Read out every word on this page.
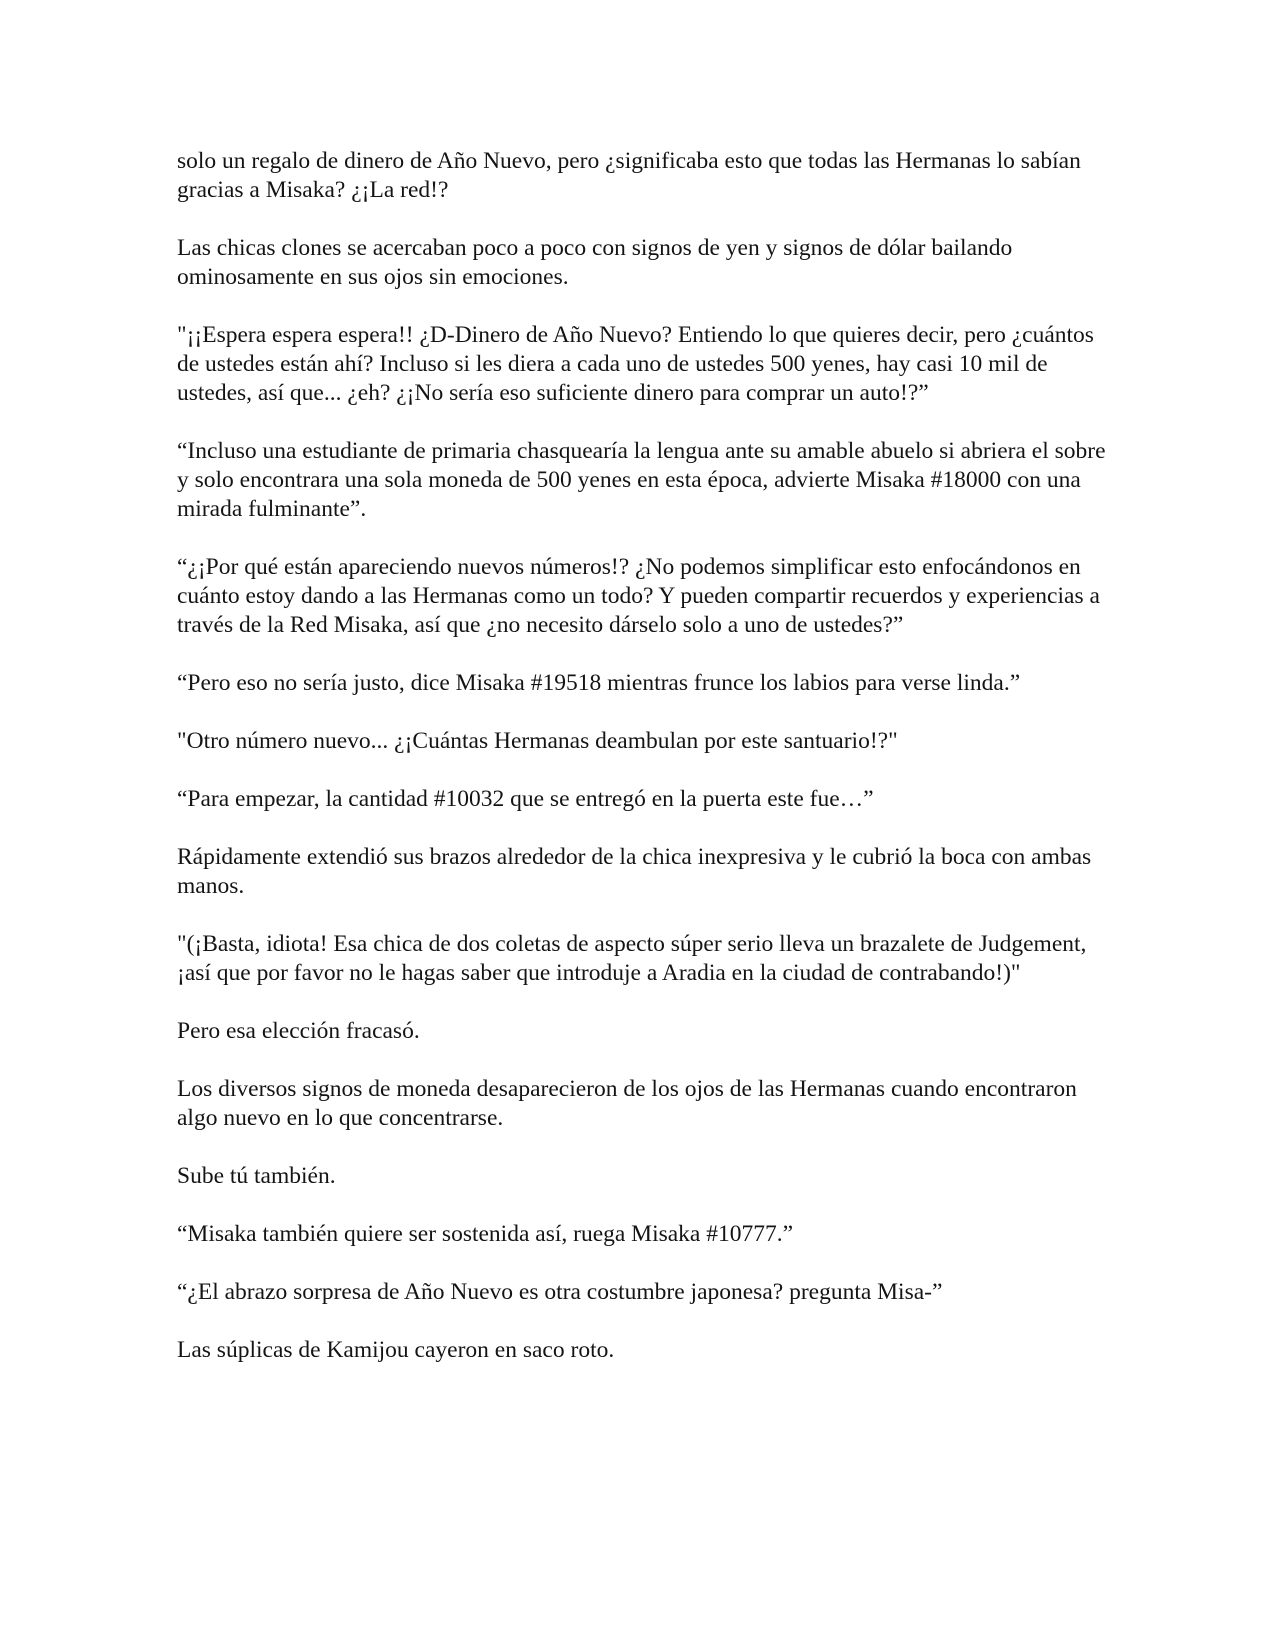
solo un regalo de dinero de Año Nuevo, pero ¿significaba esto que todas las Hermanas lo sabían gracias a Misaka? ¿¡La red!?

Las chicas clones se acercaban poco a poco con signos de yen y signos de dólar bailando ominosamente en sus ojos sin emociones.

"¡¡Espera espera espera!! ¿D-Dinero de Año Nuevo? Entiendo lo que quieres decir, pero ¿cuántos de ustedes están ahí? Incluso si les diera a cada uno de ustedes 500 yenes, hay casi 10 mil de ustedes, así que... ¿eh? ¿¡No sería eso suficiente dinero para comprar un auto!?”

“Incluso una estudiante de primaria chasquearía la lengua ante su amable abuelo si abriera el sobre y solo encontrara una sola moneda de 500 yenes en esta época, advierte Misaka #18000 con una mirada fulminante”.

“¿¡Por qué están apareciendo nuevos números!? ¿No podemos simplificar esto enfocándonos en cuánto estoy dando a las Hermanas como un todo? Y pueden compartir recuerdos y experiencias a través de la Red Misaka, así que ¿no necesito dárselo solo a uno de ustedes?”

“Pero eso no sería justo, dice Misaka #19518 mientras frunce los labios para verse linda.”

"Otro número nuevo... ¿¡Cuántas Hermanas deambulan por este santuario!?"

“Para empezar, la cantidad #10032 que se entregó en la puerta este fue…”

Rápidamente extendió sus brazos alrededor de la chica inexpresiva y le cubrió la boca con ambas manos.

"(¡Basta, idiota! Esa chica de dos coletas de aspecto súper serio lleva un brazalete de Judgement, ¡así que por favor no le hagas saber que introduje a Aradia en la ciudad de contrabando!)"

Pero esa elección fracasó.

Los diversos signos de moneda desaparecieron de los ojos de las Hermanas cuando encontraron algo nuevo en lo que concentrarse.

Sube tú también.

“Misaka también quiere ser sostenida así, ruega Misaka #10777.”

“¿El abrazo sorpresa de Año Nuevo es otra costumbre japonesa? pregunta Misa-”

Las súplicas de Kamijou cayeron en saco roto.
